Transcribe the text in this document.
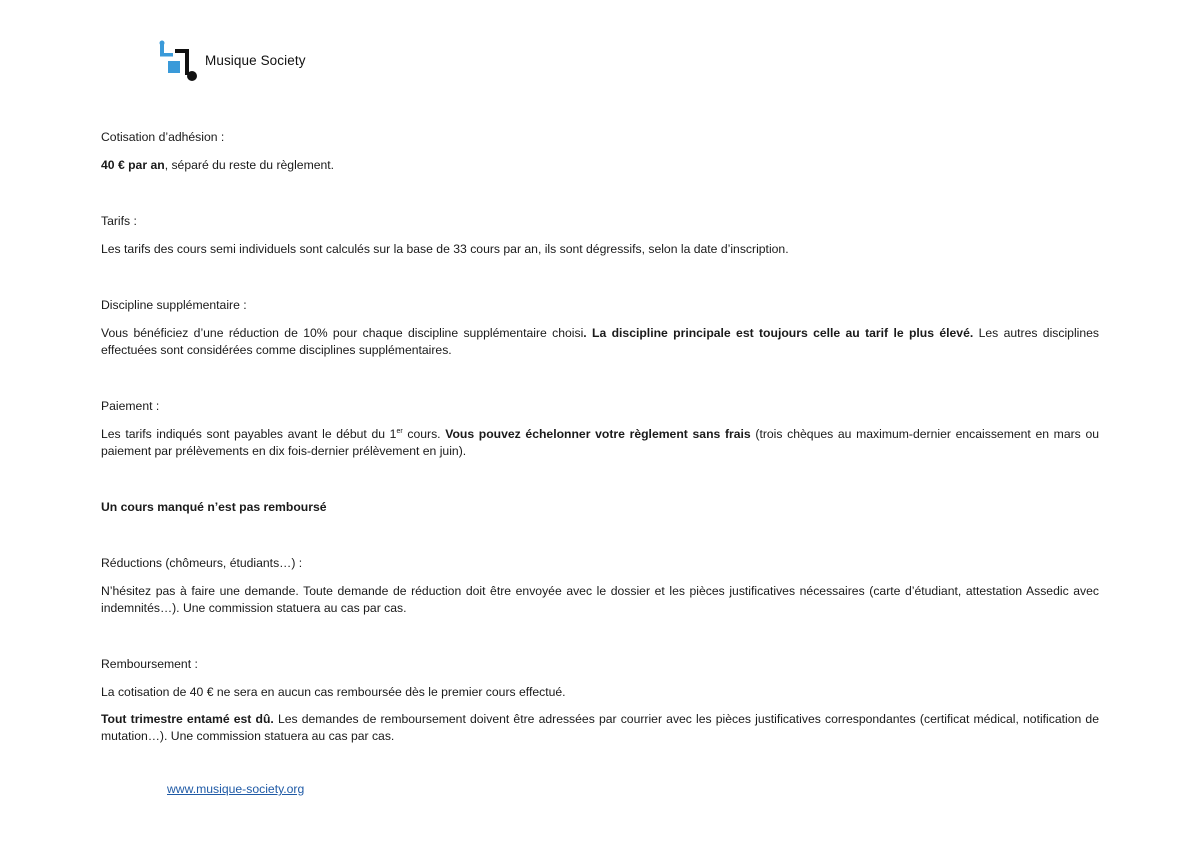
Musique Society

Cotisation d’adhésion :

40 € par an, séparé du reste du règlement.

Tarifs :

Les tarifs des cours semi individuels sont calculés sur la base de 33 cours par an, ils sont dégressifs, selon la date d’inscription.

Discipline supplémentaire :

Vous bénéficiez d’une réduction de 10% pour chaque discipline supplémentaire choisi. La discipline principale est toujours celle au tarif le plus élevé. Les autres disciplines effectuées sont considérées comme disciplines supplémentaires.

Paiement :

Les tarifs indiqués sont payables avant le début du 1er cours. Vous pouvez échelonner votre règlement sans frais (trois chèques au maximum-dernier encaissement en mars ou paiement par prélèvements en dix fois-dernier prélèvement en juin).

Un cours manqué n’est pas remboursé

Réductions (chômeurs, étudiants…) :

N’hésitez pas à faire une demande. Toute demande de réduction doit être envoyée avec le dossier et les pièces justificatives nécessaires (carte d’étudiant, attestation Assedic avec indemnités…). Une commission statuera au cas par cas.

Remboursement :

La cotisation de 40 € ne sera en aucun cas remboursée dès le premier cours effectué.

Tout trimestre entamé est dû. Les demandes de remboursement doivent être adressées par courrier avec les pièces justificatives correspondantes (certificat médical, notification de mutation…). Une commission statuera au cas par cas.

www.musique-society.org
